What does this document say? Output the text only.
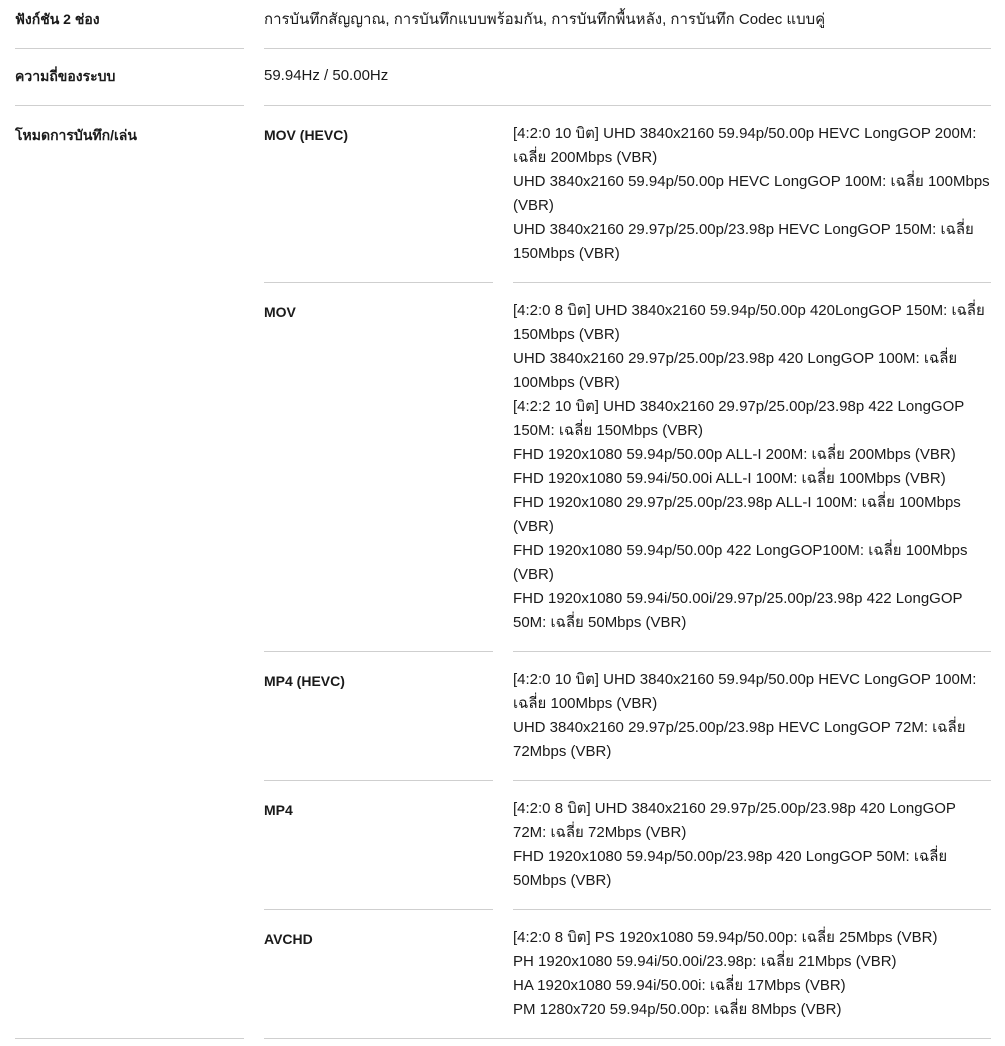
ฟังก์ชัน 2 ช่อง	การบันทึกสัญญาณ, การบันทึกแบบพร้อมกัน, การบันทึกพื้นหลัง, การบันทึก Codec แบบคู่
ความถี่ของระบบ	59.94Hz / 50.00Hz
โหมดการบันทึก/เล่น	MOV (HEVC)	[4:2:0 10 บิต] UHD 3840x2160 59.94p/50.00p HEVC LongGOP 200M:
เฉลี่ย 200Mbps (VBR)
UHD 3840x2160 59.94p/50.00p HEVC LongGOP 100M: เฉลี่ย 100Mbps
(VBR)
UHD 3840x2160 29.97p/25.00p/23.98p HEVC LongGOP 150M: เฉลี่ย
150Mbps (VBR)
MOV	[4:2:0 8 บิต] UHD 3840x2160 59.94p/50.00p 420LongGOP 150M: เฉลี่ย
150Mbps (VBR)
UHD 3840x2160 29.97p/25.00p/23.98p 420 LongGOP 100M: เฉลี่ย
100Mbps (VBR)
[4:2:2 10 บิต] UHD 3840x2160 29.97p/25.00p/23.98p 422 LongGOP
150M: เฉลี่ย 150Mbps (VBR)
FHD 1920x1080 59.94p/50.00p ALL-I 200M: เฉลี่ย 200Mbps (VBR)
FHD 1920x1080 59.94i/50.00i ALL-I 100M: เฉลี่ย 100Mbps (VBR)
FHD 1920x1080 29.97p/25.00p/23.98p ALL-I 100M: เฉลี่ย 100Mbps
(VBR)
FHD 1920x1080 59.94p/50.00p 422 LongGOP100M: เฉลี่ย 100Mbps
(VBR)
FHD 1920x1080 59.94i/50.00i/29.97p/25.00p/23.98p 422 LongGOP
50M: เฉลี่ย 50Mbps (VBR)
MP4 (HEVC)	[4:2:0 10 บิต] UHD 3840x2160 59.94p/50.00p HEVC LongGOP 100M:
เฉลี่ย 100Mbps (VBR)
UHD 3840x2160 29.97p/25.00p/23.98p HEVC LongGOP 72M: เฉลี่ย
72Mbps (VBR)
MP4	[4:2:0 8 บิต] UHD 3840x2160 29.97p/25.00p/23.98p 420 LongGOP
72M: เฉลี่ย 72Mbps (VBR)
FHD 1920x1080 59.94p/50.00p/23.98p 420 LongGOP 50M: เฉลี่ย
50Mbps (VBR)
AVCHD	[4:2:0 8 บิต] PS 1920x1080 59.94p/50.00p: เฉลี่ย 25Mbps (VBR)
PH 1920x1080 59.94i/50.00i/23.98p: เฉลี่ย 21Mbps (VBR)
HA 1920x1080 59.94i/50.00i: เฉลี่ย 17Mbps (VBR)
PM 1280x720 59.94p/50.00p: เฉลี่ย 8Mbps (VBR)
